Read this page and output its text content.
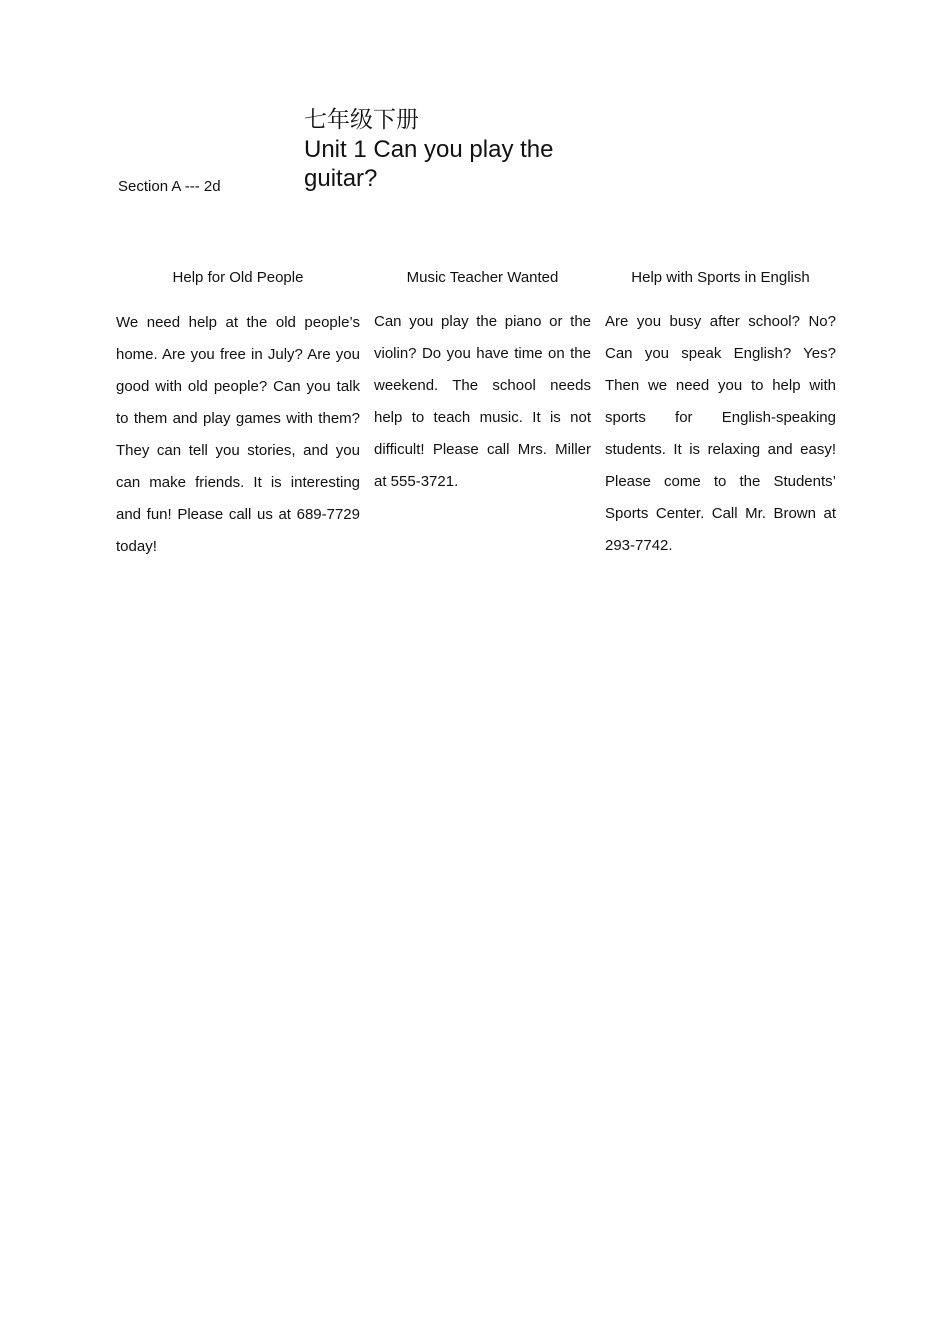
Section A --- 2d
七年级下册
Unit 1 Can you play the guitar?
Help for Old People	Music Teacher Wanted	Help with Sports in English
We need help at the old people’s home. Are you free in July? Are you good with old people? Can you talk to them and play games with them? They can tell you stories, and you can make friends. It is interesting and fun! Please call us at 689-7729 today!
Can you play the piano or the violin? Do you have time on the weekend. The school needs help to teach music. It is not difficult! Please call Mrs. Miller at 555-3721.
Are you busy after school? No? Can you speak English? Yes? Then we need you to help with sports for English-speaking students. It is relaxing and easy! Please come to the Students’ Sports Center. Call Mr. Brown at 293-7742.
